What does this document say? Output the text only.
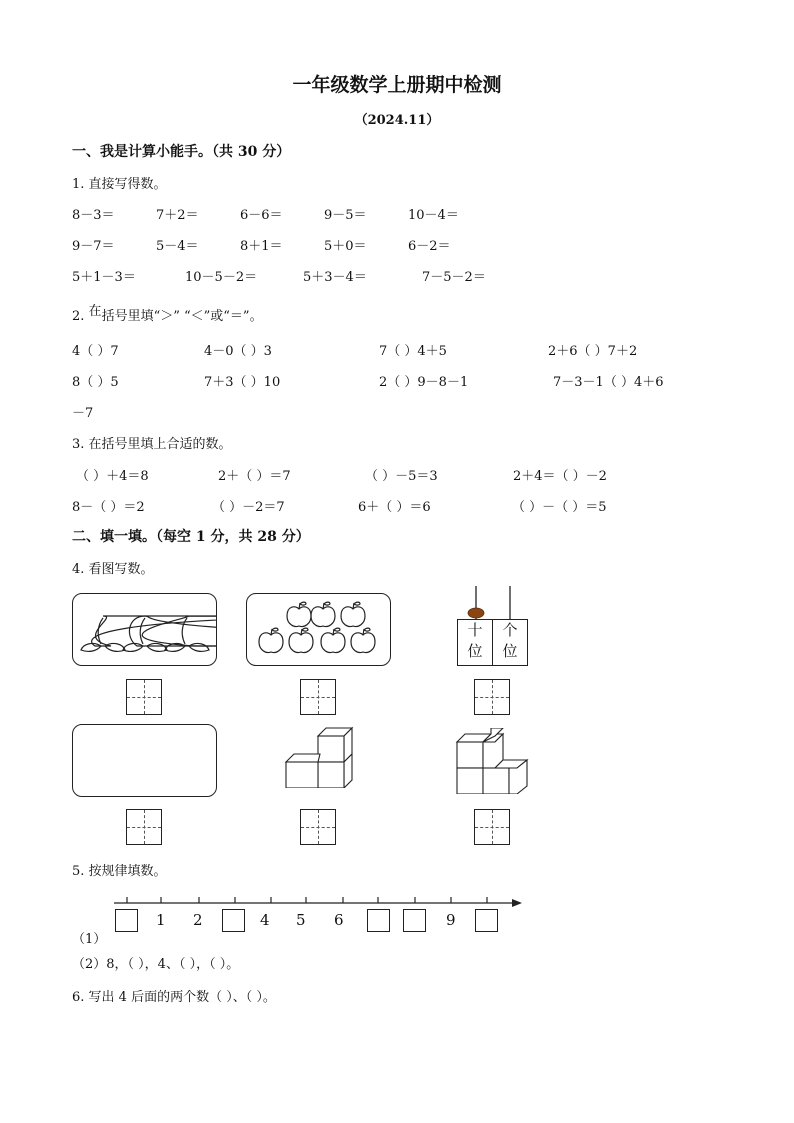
一年级数学上册期中检测
（2024.11）
一、我是计算小能手。（共 30 分）
1. 直接写得数。
8－3＝	7＋2＝	6－6＝	9－5＝	10－4＝
9－7＝	5－4＝	8＋1＝	5＋0＝	6－2＝
5＋1－3＝	10－5－2＝	5＋3－4＝	7－5－2＝
2. 在括号里填“＞” “＜”或“＝”。
4（ ）7	4－0（ ）3	7（ ）4＋5	2＋6（ ）7＋2
8（ ）5	7＋3（ ）10	2（ ）9－8－1	7－3－1（ ）4＋6
－7
3. 在括号里填上合适的数。
（ ）＋4＝8	2＋（ ）＝7	（ ）－5＝3	2＋4＝（ ）－2
8－（ ）＝2	（ ）－2＝7	6＋（ ）＝6	（ ）－（ ）＝5
二、填一填。（每空 1 分，共 28 分）
4. 看图写数。
十
位
个
位
5. 按规律填数。
1 2	4 5 6	9
（1）
（2）8，（ ），4、（ ），（ ）。
6. 写出 4 后面的两个数（ ）、（ ）。
